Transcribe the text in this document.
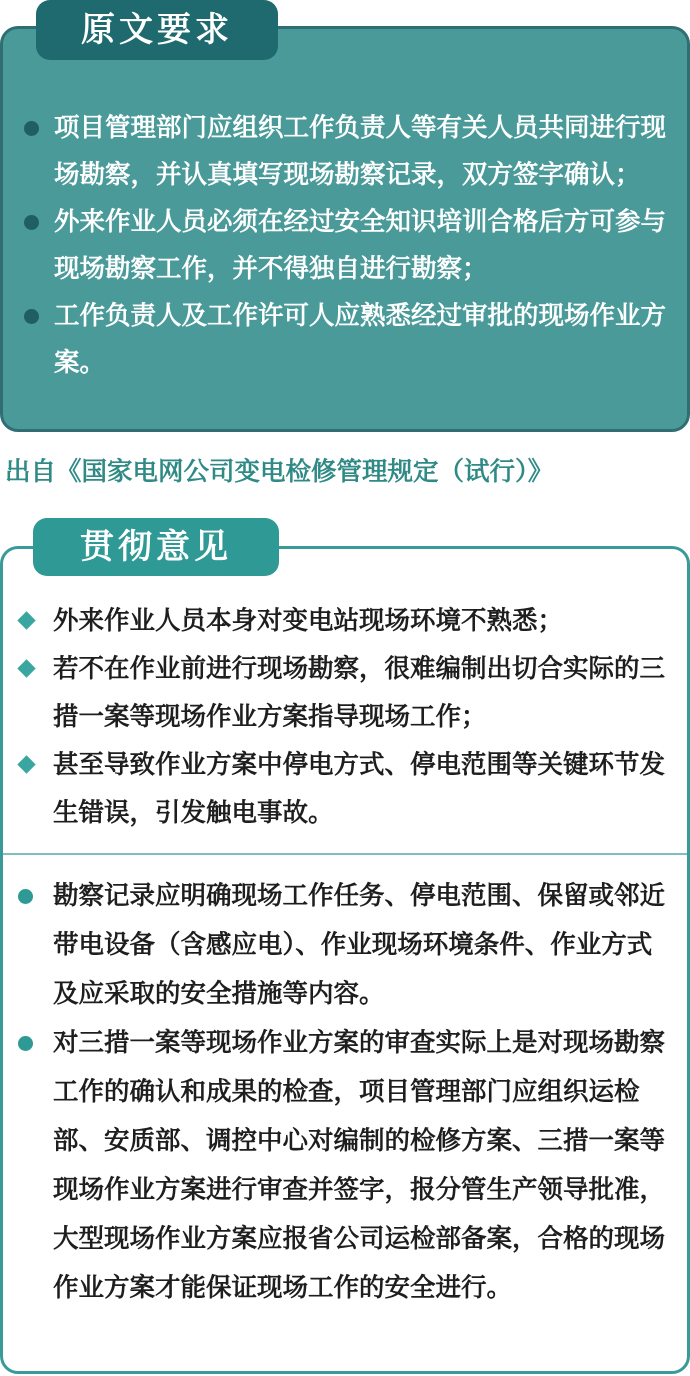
项目管理部门应组织工作负责人等有关人员共同进行现场勘察，并认真填写现场勘察记录，双方签字确认；
外来作业人员必须在经过安全知识培训合格后方可参与现场勘察工作，并不得独自进行勘察；
工作负责人及工作许可人应熟悉经过审批的现场作业方案。
原文要求
出自《国家电网公司变电检修管理规定（试行）》
贯彻意见
外来作业人员本身对变电站现场环境不熟悉；
若不在作业前进行现场勘察，很难编制出切合实际的三措一案等现场作业方案指导现场工作；
甚至导致作业方案中停电方式、停电范围等关键环节发生错误，引发触电事故。
勘察记录应明确现场工作任务、停电范围、保留或邻近带电设备（含感应电）、作业现场环境条件、作业方式及应采取的安全措施等内容。
对三措一案等现场作业方案的审查实际上是对现场勘察工作的确认和成果的检查，项目管理部门应组织运检部、安质部、调控中心对编制的检修方案、三措一案等现场作业方案进行审查并签字，报分管生产领导批准，大型现场作业方案应报省公司运检部备案，合格的现场作业方案才能保证现场工作的安全进行。
